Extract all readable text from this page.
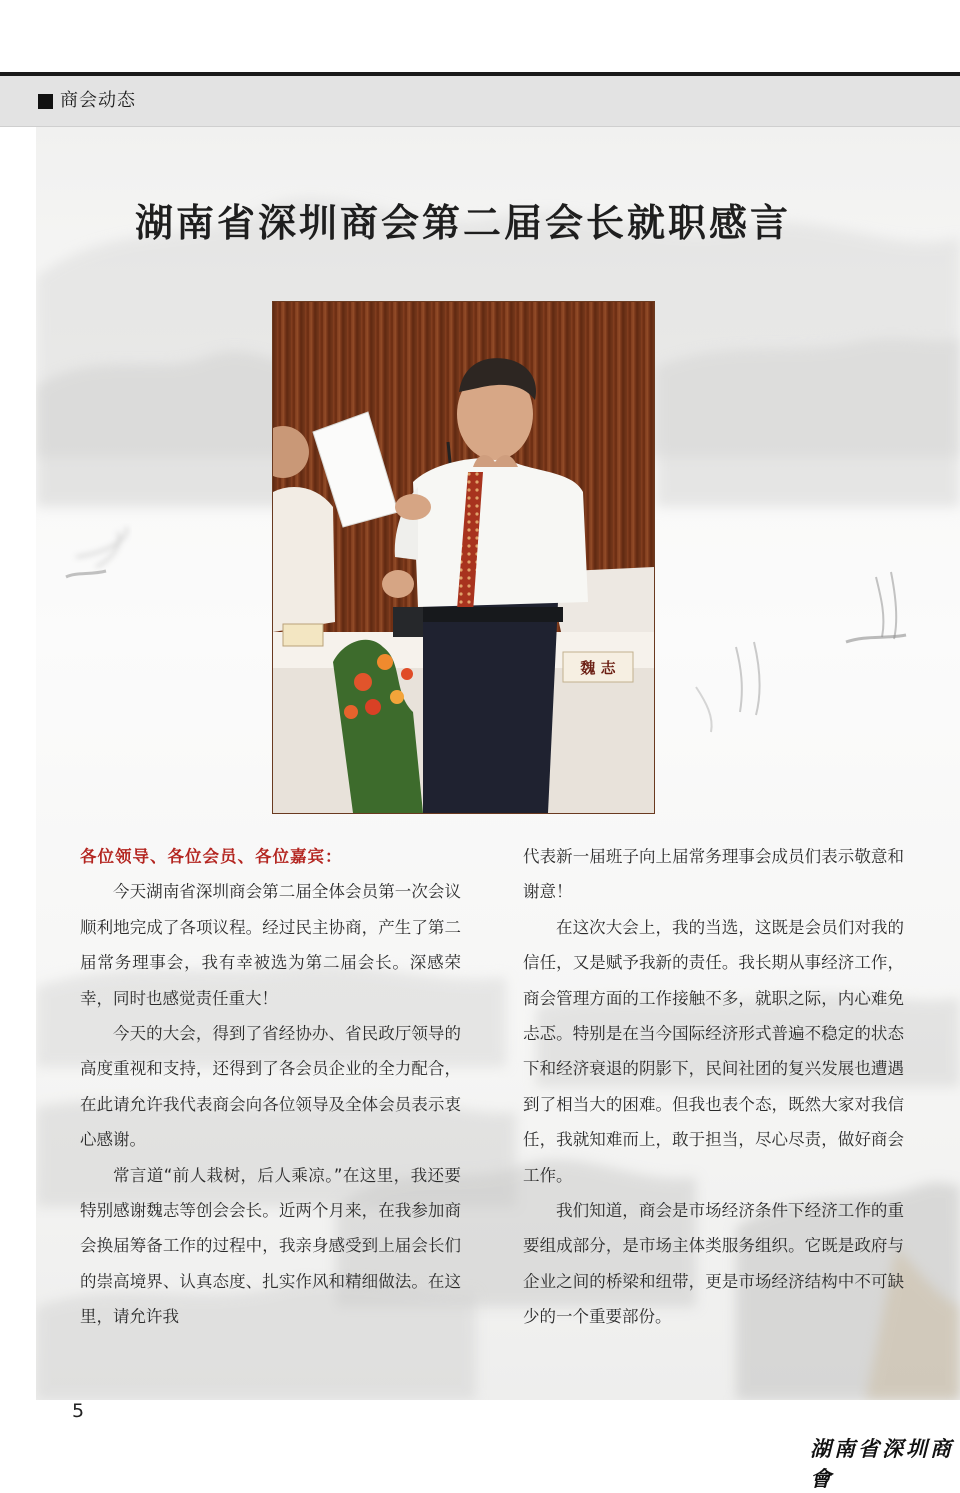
商会动态
湖南省深圳商会第二届会长就职感言
魏 志

各位领导、各位会员、各位嘉宾：

今天湖南省深圳商会第二届全体会员第一次会议顺利地完成了各项议程。经过民主协商，产生了第二届常务理事会，我有幸被选为第二届会长。深感荣幸，同时也感觉责任重大！

今天的大会，得到了省经协办、省民政厅领导的高度重视和支持，还得到了各会员企业的全力配合，在此请允许我代表商会向各位领导及全体会员表示衷心感谢。

常言道“前人栽树，后人乘凉。”在这里，我还要特别感谢魏志等创会会长。近两个月来，在我参加商会换届筹备工作的过程中，我亲身感受到上届会长们的崇高境界、认真态度、扎实作风和精细做法。在这里，请允许我

代表新一届班子向上届常务理事会成员们表示敬意和谢意！

在这次大会上，我的当选，这既是会员们对我的信任，又是赋予我新的责任。我长期从事经济工作，商会管理方面的工作接触不多，就职之际，内心难免忐忑。特别是在当今国际经济形式普遍不稳定的状态下和经济衰退的阴影下，民间社团的复兴发展也遭遇到了相当大的困难。但我也表个态，既然大家对我信任，我就知难而上，敢于担当，尽心尽责，做好商会工作。

我们知道，商会是市场经济条件下经济工作的重要组成部分，是市场主体类服务组织。它既是政府与企业之间的桥梁和纽带，更是市场经济结构中不可缺少的一个重要部份。

5
湖南省深圳商會
